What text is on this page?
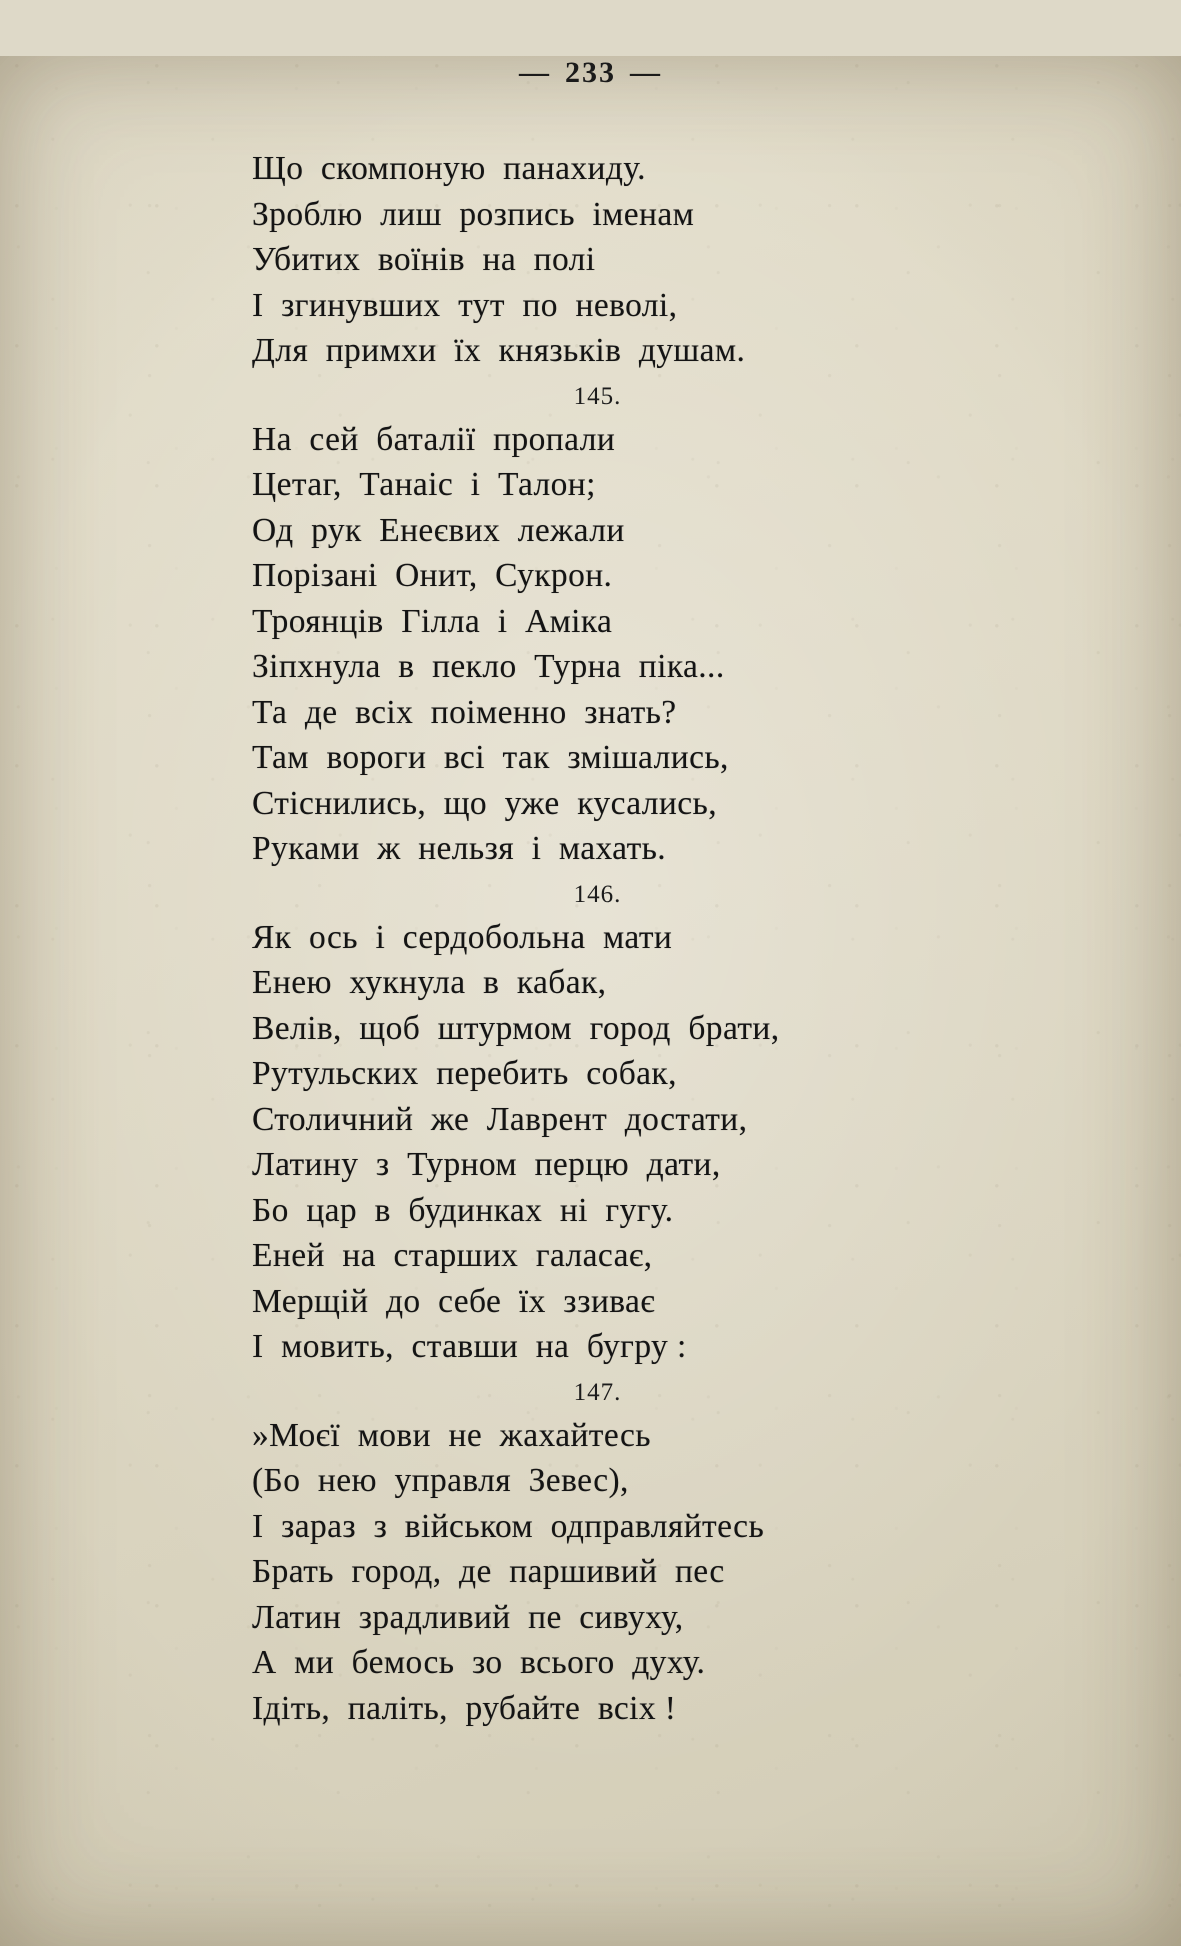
— 233 —
Що  скомпоную  панахиду.
Зроблю  лиш  розпись  іменам
Убитих  воїнів  на  полі
І  згинувших  тут  по  неволі,
Для  примхи  їх  князьків  душам.
145.
На  сей  баталії  пропали
Цетаг,  Танаіс  і  Талон;
Од  рук  Енеєвих  лежали
Порізані  Онит,  Сукрон.
Троянців  Гілла  і  Аміка
Зіпхнула  в  пекло  Турна  піка...
Та  де  всіх  поіменно  знать?
Там  вороги  всі  так  змішались,
Стіснились,  що  уже  кусались,
Руками  ж  нельзя  і  махать.
146.
Як  ось  і  сердобольна  мати
Енею  хукнула  в  кабак,
Велів,  щоб  штурмом  город  брати,
Рутульских  перебить  собак,
Столичний  же  Лаврент  достати,
Латину  з  Турном  перцю  дати,
Бо  цар  в  будинках  ні  гугу.
Еней  на  старших  галасає,
Мерщій  до  себе  їх  ззиває
І  мовить,  ставши  на  бугру :
147.
»Моєї  мови  не  жахайтесь
(Бо  нею  управля  Зевес),
І  зараз  з  військом  одправляйтесь
Брать  город,  де  паршивий  пес
Латин  зрадливий  пе  сивуху,
А  ми  бемось  зо  всього  духу.
Ідіть,  паліть,  рубайте  всіх !
